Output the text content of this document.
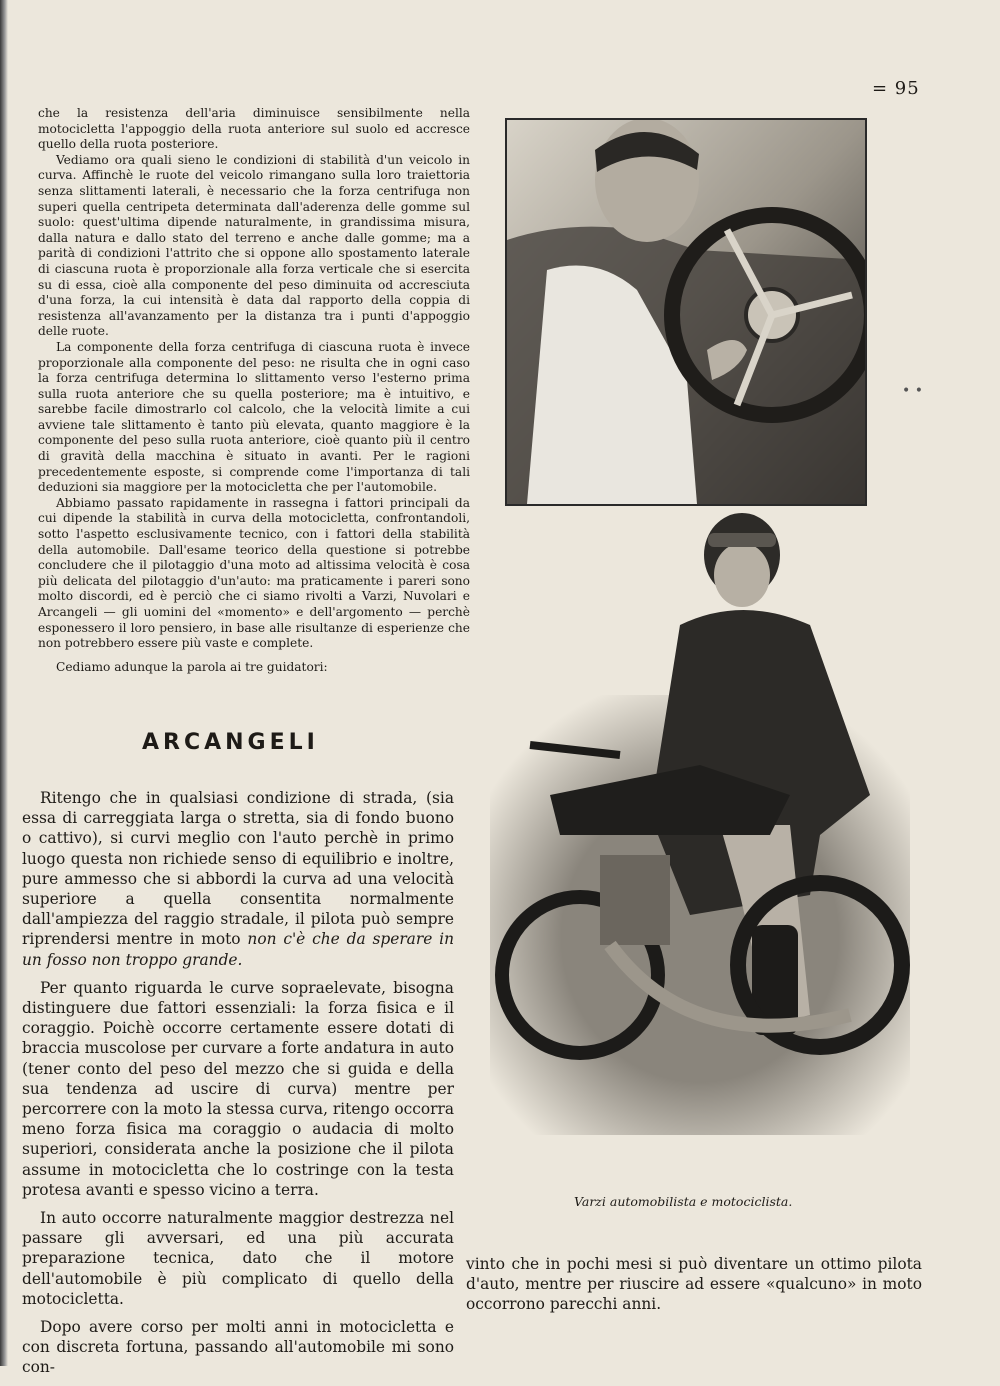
= 95

che la resistenza dell'aria diminuisce sensibilmente nella motocicletta l'appoggio della ruota anteriore sul suolo ed accresce quello della ruota posteriore.

Vediamo ora quali sieno le condizioni di stabilità d'un veicolo in curva. Affinchè le ruote del veicolo rimangano sulla loro traiettoria senza slittamenti laterali, è necessario che la forza centrifuga non superi quella centripeta determinata dall'aderenza delle gomme sul suolo: quest'ultima dipende naturalmente, in grandissima misura, dalla natura e dallo stato del terreno e anche dalle gomme; ma a parità di condizioni l'attrito che si oppone allo spostamento laterale di ciascuna ruota è proporzionale alla forza verticale che si esercita su di essa, cioè alla componente del peso diminuita od accresciuta d'una forza, la cui intensità è data dal rapporto della coppia di resistenza all'avanzamento per la distanza tra i punti d'appoggio delle ruote.

La componente della forza centrifuga di ciascuna ruota è invece proporzionale alla componente del peso: ne risulta che in ogni caso la forza centrifuga determina lo slittamento verso l'esterno prima sulla ruota anteriore che su quella posteriore; ma è intuitivo, e sarebbe facile dimostrarlo col calcolo, che la velocità limite a cui avviene tale slittamento è tanto più elevata, quanto maggiore è la componente del peso sulla ruota anteriore, cioè quanto più il centro di gravità della macchina è situato in avanti. Per le ragioni precedentemente esposte, si comprende come l'importanza di tali deduzioni sia maggiore per la motocicletta che per l'automobile.

Abbiamo passato rapidamente in rassegna i fattori principali da cui dipende la stabilità in curva della motocicletta, confrontandoli, sotto l'aspetto esclusivamente tecnico, con i fattori della stabilità della automobile. Dall'esame teorico della questione si potrebbe concludere che il pilotaggio d'una moto ad altissima velocità è cosa più delicata del pilotaggio d'un'auto: ma praticamente i pareri sono molto discordi, ed è perciò che ci siamo rivolti a Varzi, Nuvolari e Arcangeli — gli uomini del «momento» e dell'argomento — perchè esponessero il loro pensiero, in base alle risultanze di esperienze che non potrebbero essere più vaste e complete.

Cediamo adunque la parola ai tre guidatori:

ARCANGELI

Ritengo che in qualsiasi condizione di strada, (sia essa di carreggiata larga o stretta, sia di fondo buono o cattivo), si curvi meglio con l'auto perchè in primo luogo questa non richiede senso di equilibrio e inoltre, pure ammesso che si abbordi la curva ad una velocità superiore a quella consentita normalmente dall'ampiezza del raggio stradale, il pilota può sempre riprendersi mentre in moto non c'è che da sperare in un fosso non troppo grande.

Per quanto riguarda le curve sopraelevate, bisogna distinguere due fattori essenziali: la forza fisica e il coraggio. Poichè occorre certamente essere dotati di braccia muscolose per curvare a forte andatura in auto (tener conto del peso del mezzo che si guida e della sua tendenza ad uscire di curva) mentre per percorrere con la moto la stessa curva, ritengo occorra meno forza fisica ma coraggio o audacia di molto superiori, considerata anche la posizione che il pilota assume in motocicletta che lo costringe con la testa protesa avanti e spesso vicino a terra.

In auto occorre naturalmente maggior destrezza nel passare gli avversari, ed una più accurata preparazione tecnica, dato che il motore dell'automobile è più complicato di quello della motocicletta.

Dopo avere corso per molti anni in motocicletta e con discreta fortuna, passando all'automobile mi sono con-

vinto che in pochi mesi si può diventare un ottimo pilota d'auto, mentre per riuscire ad essere «qualcuno» in moto occorrono parecchi anni.

Varzi automobilista e motociclista.
• •
